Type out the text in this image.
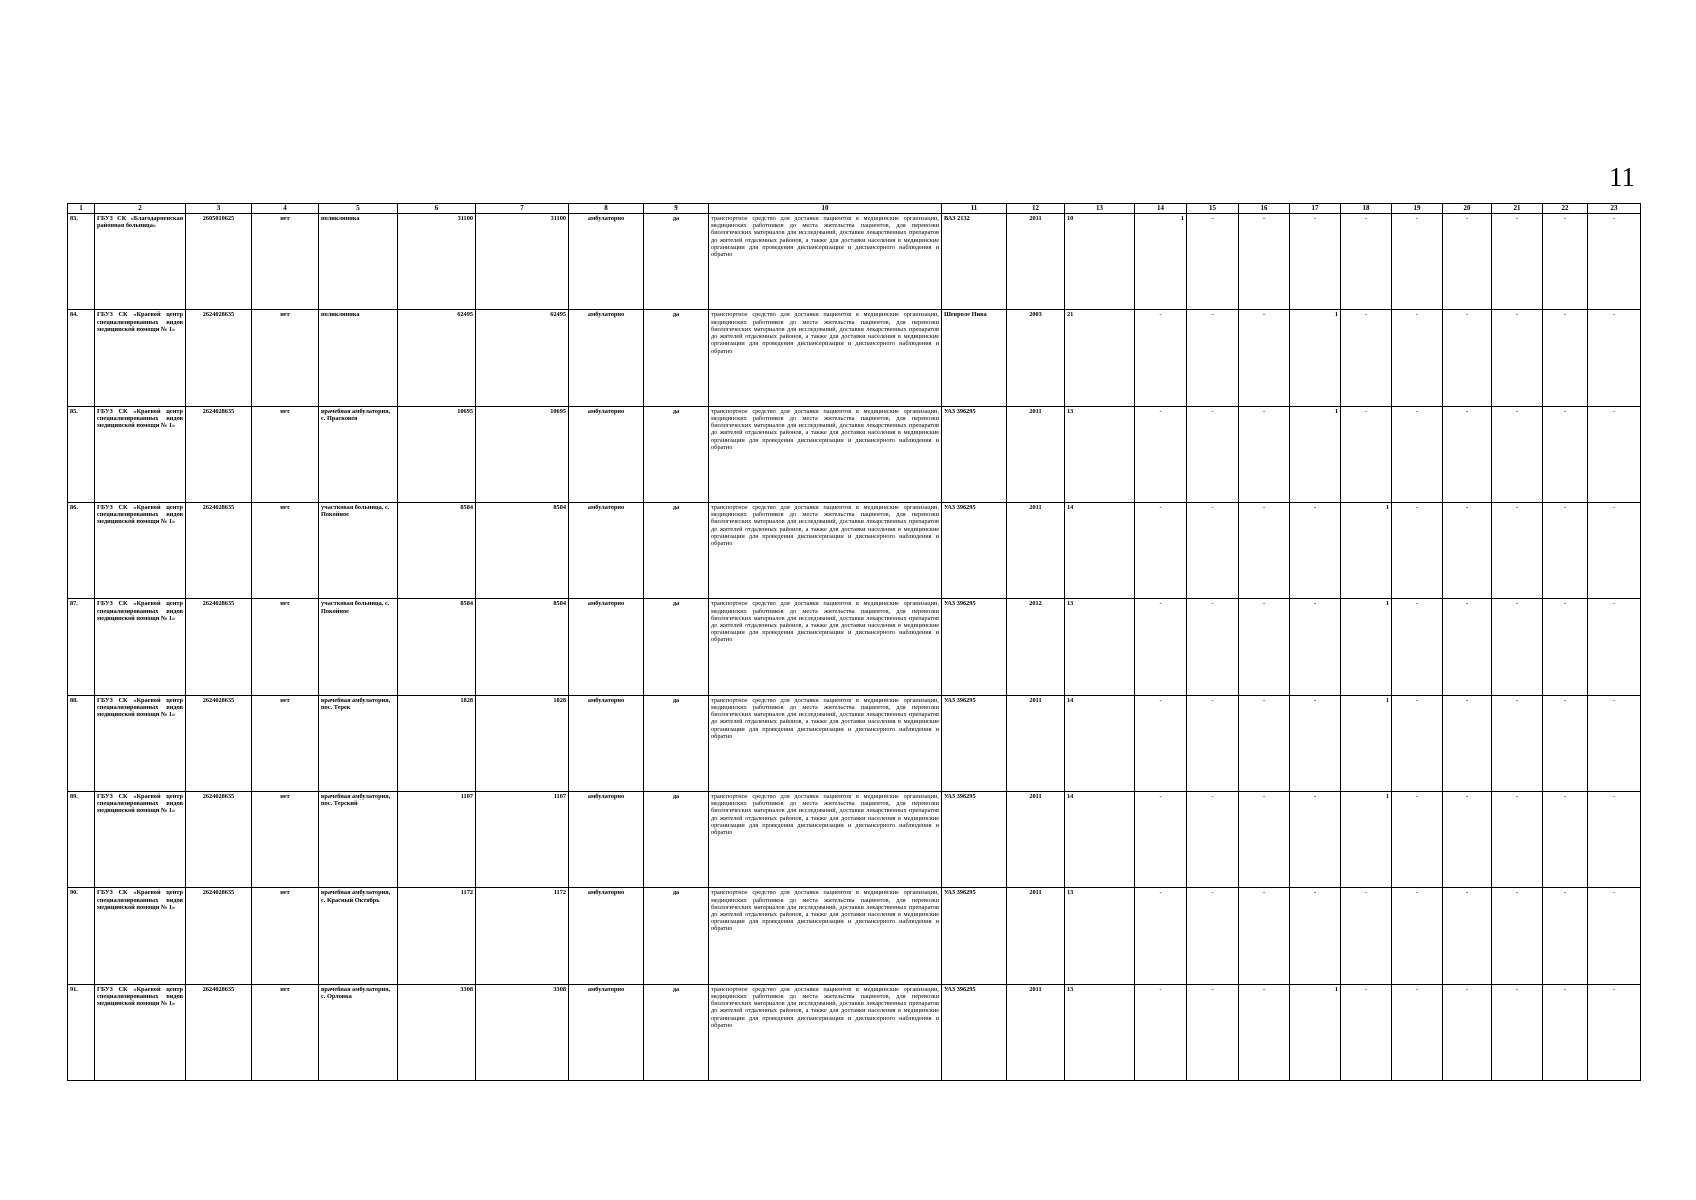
11
1	2	3	4	5	6	7	8	9	10	11	12	13	14	15	16	17	18	19	20	21	22	23
83.	ГБУЗ СК «Благодарненская районная больница»	2605010625	нет	поликлиника	31100	31100	амбулаторно	да	транспортное средство для доставки пациентов в медицинские организации, медицинских работников до места жительства пациентов, для перевозки биологических материалов для исследований, доставки лекарственных препаратов до жителей отдаленных районов, а также для доставки населения в медицинские организации для проведения диспансеризации и диспансерного наблюдения и обратно	ВАЗ 2132	2011	10	1	-	-	-	-	-	-	-	-	-
84.	ГБУЗ СК «Краевой центр специализированных видов медицинской помощи № 1»	2624028635	нет	поликлиника	62495	62495	амбулаторно	да	транспортное средство для доставки пациентов в медицинские организации, медицинских работников до места жительства пациентов, для перевозки биологических материалов для исследований, доставки лекарственных препаратов до жителей отдаленных районов, а также для доставки населения в медицинские организации для проведения диспансеризации и диспансерного наблюдения и обратно	Шевроле Нива	2003	21	-	-	-	1	-	-	-	-	-	-
85.	ГБУЗ СК «Краевой центр специализированных видов медицинской помощи № 1»	2624028635	нет	врачебная амбулатория, с. Прасковея	10695	10695	амбулаторно	да	транспортное средство для доставки пациентов в медицинские организации, медицинских работников до места жительства пациентов, для перевозки биологических материалов для исследований, доставки лекарственных препаратов до жителей отдаленных районов, а также для доставки населения в медицинские организации для проведения диспансеризации и диспансерного наблюдения и обратно	УАЗ 396295	2011	13	-	-	-	1	-	-	-	-	-	-
86.	ГБУЗ СК «Краевой центр специализированных видов медицинской помощи № 1»	2624028635	нет	участковая больница, с. Покойное	8584	8584	амбулаторно	да	транспортное средство для доставки пациентов в медицинские организации, медицинских работников до места жительства пациентов, для перевозки биологических материалов для исследований, доставки лекарственных препаратов до жителей отдаленных районов, а также для доставки населения в медицинские организации для проведения диспансеризации и диспансерного наблюдения и обратно	УАЗ 396295	2011	14	-	-	-	-	1	-	-	-	-	-
87.	ГБУЗ СК «Краевой центр специализированных видов медицинской помощи № 1»	2624028635	нет	участковая больница, с. Покойное	8584	8584	амбулаторно	да	транспортное средство для доставки пациентов в медицинские организации, медицинских работников до места жительства пациентов, для перевозки биологических материалов для исследований, доставки лекарственных препаратов до жителей отдаленных районов, а также для доставки населения в медицинские организации для проведения диспансеризации и диспансерного наблюдения и обратно	УАЗ 396295	2012	13	-	-	-	-	1	-	-	-	-	-
88.	ГБУЗ СК «Краевой центр специализированных видов медицинской помощи № 1»	2624028635	нет	врачебная амбулатория, пос. Терек	1828	1828	амбулаторно	да	транспортное средство для доставки пациентов в медицинские организации, медицинских работников до места жительства пациентов, для перевозки биологических материалов для исследований, доставки лекарственных препаратов до жителей отдаленных районов, а также для доставки населения в медицинские организации для проведения диспансеризации и диспансерного наблюдения и обратно	УАЗ 396295	2011	14	-	-	-	-	1	-	-	-	-	-
89.	ГБУЗ СК «Краевой центр специализированных видов медицинской помощи № 1»	2624028635	нет	врачебная амбулатория, пос. Терский	1107	1107	амбулаторно	да	транспортное средство для доставки пациентов в медицинские организации, медицинских работников до места жительства пациентов, для перевозки биологических материалов для исследований, доставки лекарственных препаратов до жителей отдаленных районов, а также для доставки населения в медицинские организации для проведения диспансеризации и диспансерного наблюдения и обратно	УАЗ 396295	2011	14	-	-	-	-	1	-	-	-	-	-
90.	ГБУЗ СК «Краевой центр специализированных видов медицинской помощи № 1»	2624028635	нет	врачебная амбулатория, с. Красный Октябрь	1172	1172	амбулаторно	да	транспортное средство для доставки пациентов в медицинские организации, медицинских работников до места жительства пациентов, для перевозки биологических материалов для исследований, доставки лекарственных препаратов до жителей отдаленных районов, а также для доставки населения в медицинские организации для проведения диспансеризации и диспансерного наблюдения и обратно	УАЗ 396295	2011	13	-	-	-	-	-	-	-	-	-	-
91.	ГБУЗ СК «Краевой центр специализированных видов медицинской помощи № 1»	2624028635	нет	врачебная амбулатория, с. Орловка	3308	3308	амбулаторно	да	транспортное средство для доставки пациентов в медицинские организации, медицинских работников до места жительства пациентов, для перевозки биологических материалов для исследований, доставки лекарственных препаратов до жителей отдаленных районов, а также для доставки населения в медицинские организации для проведения диспансеризации и диспансерного наблюдения и обратно	УАЗ 396295	2011	13	-	-	-	1	-	-	-	-	-	-
